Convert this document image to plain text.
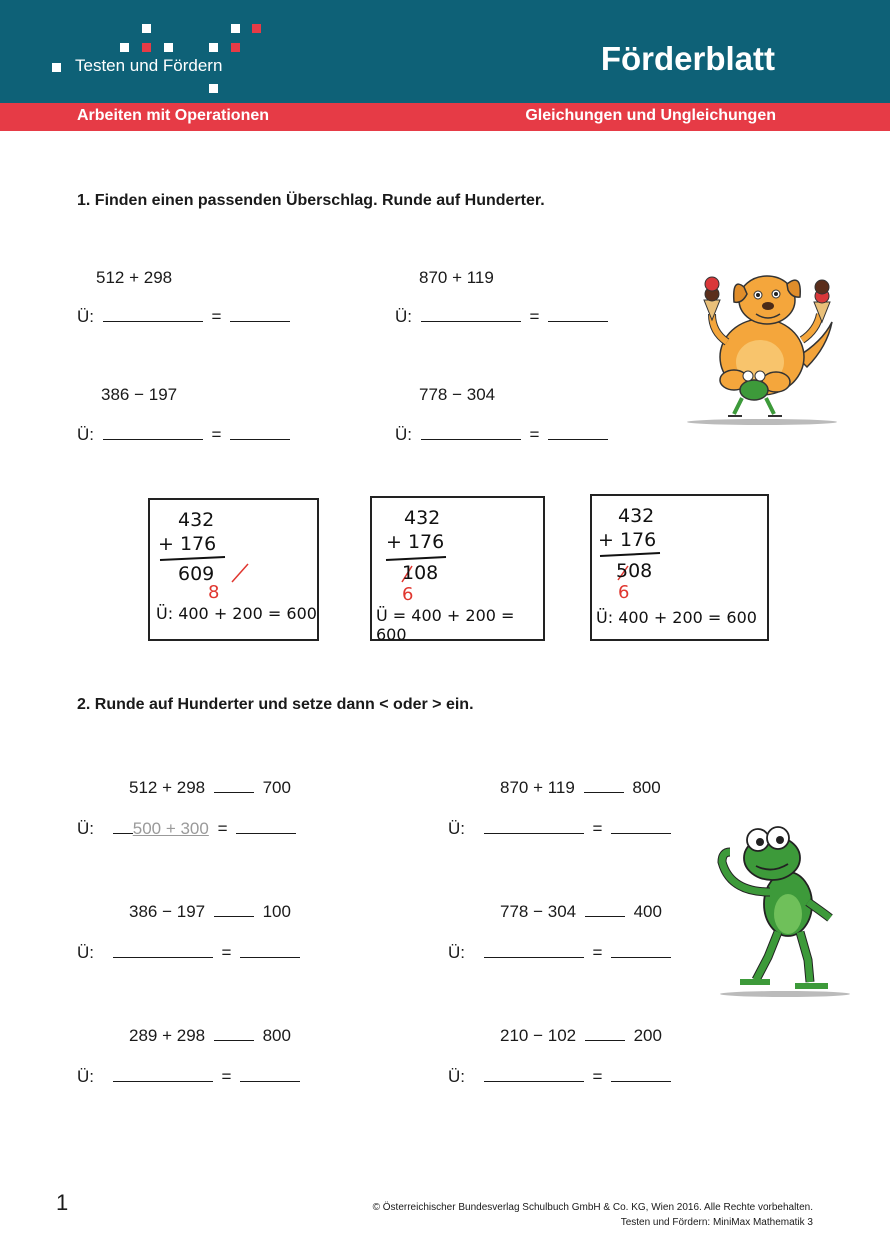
Testen und Fördern	Förderblatt
Arbeiten mit Operationen	Gleichungen und Ungleichungen
1. Finden einen passenden Überschlag. Runde auf Hunderter.
512 + 298
Ü:	=
870 + 119
Ü:	=
386 − 197
Ü:	=
778 − 304
Ü:	=
432
+ 176
609
8
Ü: 400 + 200 = 600
432
+ 176
108
6
Ü = 400 + 200 = 600
432
+ 176
508
6
Ü: 400 + 200 = 600
2. Runde auf Hunderter und setze dann < oder > ein.
512 + 298	700
Ü: 500 + 300 =
870 + 119	800
Ü:	=
386 − 197	100
Ü:	=
778 − 304	400
Ü:	=
289 + 298	800
Ü:	=
210 − 102	200
Ü:	=
1	© Österreichischer Bundesverlag Schulbuch GmbH & Co. KG, Wien 2016. Alle Rechte vorbehalten.
Testen und Fördern: MiniMax Mathematik 3
